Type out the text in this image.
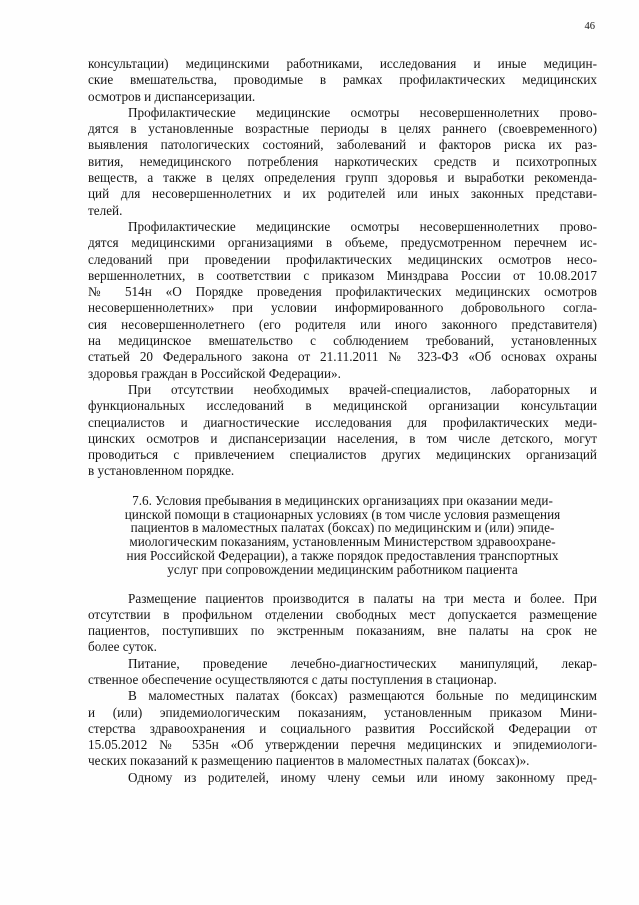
46
консультации) медицинскими работниками, исследования и иные медицин-
ские вмешательства, проводимые в рамках профилактических медицинских
осмотров и диспансеризации.
Профилактические медицинские осмотры несовершеннолетних прово-
дятся в установленные возрастные периоды в целях раннего (своевременного)
выявления патологических состояний, заболеваний и факторов риска их раз-
вития, немедицинского потребления наркотических средств и психотропных
веществ, а также в целях определения групп здоровья и выработки рекоменда-
ций для несовершеннолетних и их родителей или иных законных представи-
телей.
Профилактические медицинские осмотры несовершеннолетних прово-
дятся медицинскими организациями в объеме, предусмотренном перечнем ис-
следований при проведении профилактических медицинских осмотров несо-
вершеннолетних, в соответствии с приказом Минздрава России от 10.08.2017
№ 514н «О Порядке проведения профилактических медицинских осмотров
несовершеннолетних» при условии информированного добровольного согла-
сия несовершеннолетнего (его родителя или иного законного представителя)
на медицинское вмешательство с соблюдением требований, установленных
статьей 20 Федерального закона от 21.11.2011 № 323-ФЗ «Об основах охраны
здоровья граждан в Российской Федерации».
При отсутствии необходимых врачей-специалистов, лабораторных и
функциональных исследований в медицинской организации консультации
специалистов и диагностические исследования для профилактических меди-
цинских осмотров и диспансеризации населения, в том числе детского, могут
проводиться с привлечением специалистов других медицинских организаций
в установленном порядке.
7.6. Условия пребывания в медицинских организациях при оказании меди-
цинской помощи в стационарных условиях (в том числе условия размещения
пациентов в маломестных палатах (боксах) по медицинским и (или) эпиде-
миологическим показаниям, установленным Министерством здравоохране-
ния Российской Федерации), а также порядок предоставления транспортных
услуг при сопровождении медицинским работником пациента
Размещение пациентов производится в палаты на три места и более. При
отсутствии в профильном отделении свободных мест допускается размещение
пациентов, поступивших по экстренным показаниям, вне палаты на срок не
более суток.
Питание, проведение лечебно-диагностических манипуляций, лекар-
ственное обеспечение осуществляются с даты поступления в стационар.
В маломестных палатах (боксах) размещаются больные по медицинским
и (или) эпидемиологическим показаниям, установленным приказом Мини-
стерства здравоохранения и социального развития Российской Федерации от
15.05.2012 № 535н «Об утверждении перечня медицинских и эпидемиологи-
ческих показаний к размещению пациентов в маломестных палатах (боксах)».
Одному из родителей, иному члену семьи или иному законному пред-
